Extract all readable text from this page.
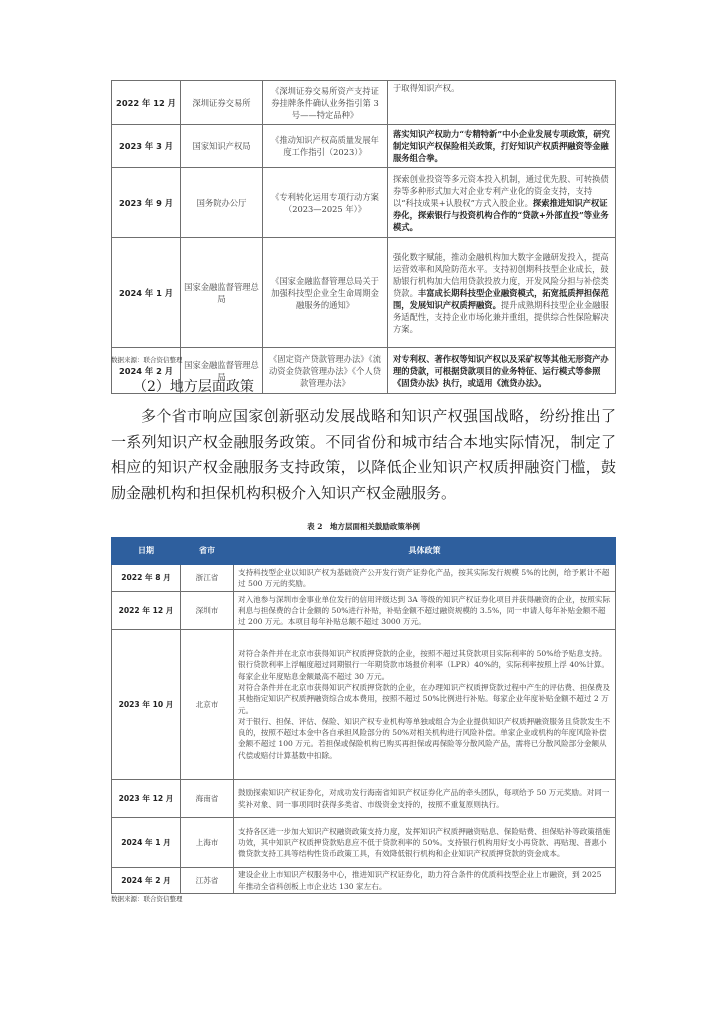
2022 年 12 月	深圳证券交易所	《深圳证券交易所资产支持证券挂牌条件确认业务指引第 3 号——特定品种》	于取得知识产权。
2023 年 3 月	国家知识产权局	《推动知识产权高质量发展年度工作指引（2023）》	落实知识产权助力“专精特新”中小企业发展专项政策，研究制定知识产权保险相关政策，打好知识产权质押融资等金融服务组合拳。
2023 年 9 月	国务院办公厅	《专利转化运用专项行动方案（2023—2025 年）》	探索创业投资等多元资本投入机制，通过优先股、可转换债券等多种形式加大对企业专利产业化的资金支持，支持以“科技成果+认股权”方式入股企业。探索推进知识产权证券化，探索银行与投资机构合作的“贷款+外部直投”等业务模式。
2024 年 1 月	国家金融监督管理总局	《国家金融监督管理总局关于加强科技型企业全生命周期金融服务的通知》	强化数字赋能，推动金融机构加大数字金融研发投入，提高运营效率和风险防范水平。支持初创期科技型企业成长，鼓励银行机构加大信用贷款投放力度，开发风险分担与补偿类贷款。丰富成长期科技型企业融资模式，拓宽抵质押担保范围，发展知识产权质押融资。提升成熟期科技型企业金融服务适配性，支持企业市场化兼并重组，提供综合性保险解决方案。
2024 年 2 月	国家金融监督管理总局	《固定资产贷款管理办法》《流动资金贷款管理办法》《个人贷款管理办法》	对专利权、著作权等知识产权以及采矿权等其他无形资产办理的贷款，可根据贷款项目的业务特征、运行模式等参照《固贷办法》执行，或适用《流贷办法》。
数据来源：联合资信整理
（2）地方层面政策

多个省市响应国家创新驱动发展战略和知识产权强国战略，纷纷推出了一系列知识产权金融服务政策。不同省份和城市结合本地实际情况，制定了相应的知识产权金融服务支持政策，以降低企业知识产权质押融资门槛，鼓励金融机构和担保机构积极介入知识产权金融服务。

表 2　地方层面相关鼓励政策举例
日期	省市	具体政策
2022 年 8 月	浙江省	支持科技型企业以知识产权为基础资产公开发行资产证券化产品，按其实际发行规模 5%的比例，给予累计不超过 500 万元的奖励。

2022 年 12 月	深圳市	对入池参与深圳市金事业单位发行的信用评级达到 3A 等级的知识产权证券化项目并获得融资的企业，按照实际利息与担保费的合计金额的 50%进行补贴，补贴金额不超过融资规模的 3.5%，同一申请人每年补贴金额不超过 200 万元。本项目每年补贴总额不超过 3000 万元。

2023 年 10 月	北京市	对符合条件并在北京市获得知识产权质押贷款的企业，按照不超过其贷款项目实际利率的 50%给予贴息支持。银行贷款利率上浮幅度超过同期银行一年期贷款市场报价利率（LPR）40%的，实际利率按照上浮 40%计算。每家企业年度贴息金额最高不超过 30 万元。

对符合条件并在北京市获得知识产权质押贷款的企业，在办理知识产权质押贷款过程中产生的评估费、担保费及其他指定知识产权质押融资综合成本费用，按照不超过 50%比例进行补贴。每家企业年度补贴金额不超过 2 万元。

对于银行、担保、评估、保险、知识产权专业机构等单独或组合为企业提供知识产权质押融资服务且贷款发生不良的，按照不超过本金中各自承担风险部分的 50%对相关机构进行风险补偿。单家企业或机构的年度风险补偿金额不超过 100 万元。若担保或保险机构已购买再担保或再保险等分散风险产品，需将已分散风险部分金额从代偿或赔付计算基数中扣除。

2023 年 12 月	海南省	鼓励探索知识产权证券化，对成功发行海南省知识产权证券化产品的牵头团队，每项给予 50 万元奖励。对同一奖补对象、同一事项同时获得多类省、市级资金支持的，按照不重复原则执行。

2024 年 1 月	上海市	支持各区进一步加大知识产权融资政策支持力度，发挥知识产权质押融资贴息、保险贴费、担保贴补等政策措施功效，其中知识产权质押贷款贴息应不低于贷款利率的 50%。支持银行机构用好支小再贷款、再贴现、普惠小微贷款支持工具等结构性货币政策工具，有效降低银行机构和企业知识产权质押贷款的资金成本。

2024 年 2 月	江苏省	建设企业上市知识产权服务中心，推进知识产权证券化，助力符合条件的优质科技型企业上市融资，到 2025 年推动全省科创板上市企业达 130 家左右。

数据来源：联合资信整理
